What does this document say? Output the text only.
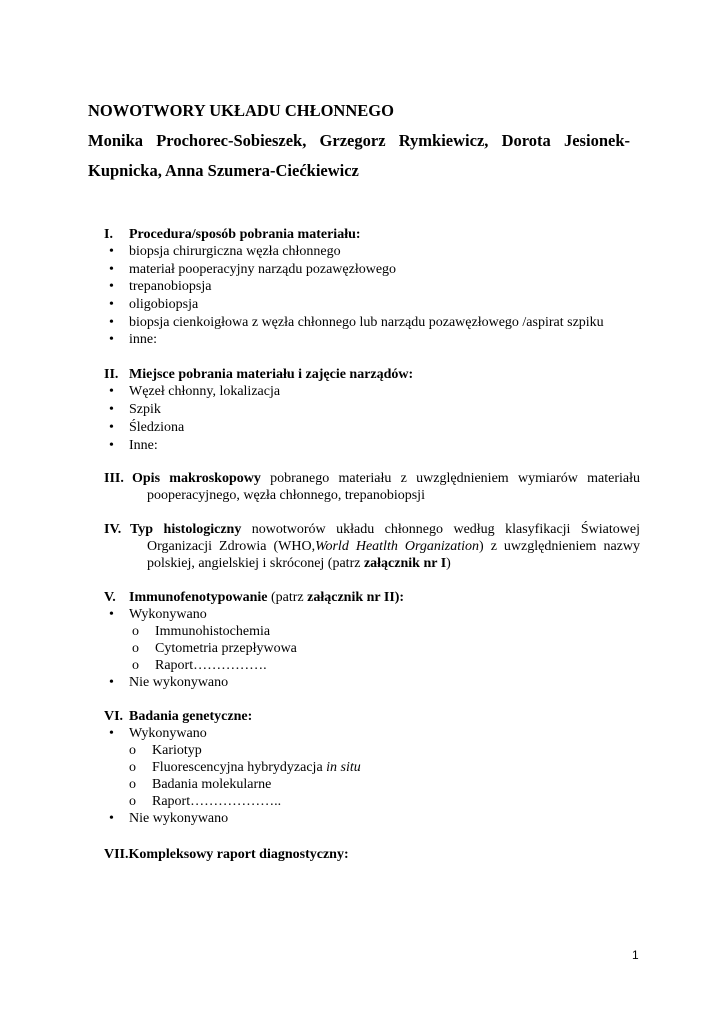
NOWOTWORY UKŁADU CHŁONNEGO
Monika Prochorec-Sobieszek, Grzegorz Rymkiewicz, Dorota Jesionek-
Kupnicka, Anna Szumera-Ciećkiewicz
I. Procedura/sposób pobrania materiału:
• biopsja chirurgiczna węzła chłonnego
• materiał pooperacyjny narządu pozawęzłowego
• trepanobiopsja
• oligobiopsja
• biopsja cienkoigłowa z węzła chłonnego lub narządu pozawęzłowego /aspirat szpiku
• inne:
II. Miejsce pobrania materiału i zajęcie narządów:
• Węzeł chłonny, lokalizacja
• Szpik
• Śledziona
• Inne:
III. Opis makroskopowy pobranego materiału z uwzględnieniem wymiarów materiału
pooperacyjnego, węzła chłonnego, trepanobiopsji
IV. Typ histologiczny nowotworów układu chłonnego według klasyfikacji Światowej
Organizacji Zdrowia (WHO,World Heatlth Organization) z uwzględnieniem nazwy
polskiej, angielskiej i skróconej (patrz załącznik nr I)
V. Immunofenotypowanie (patrz załącznik nr II):
• Wykonywano
o Immunohistochemia
o Cytometria przepływowa
o Raport…………….
• Nie wykonywano
VI. Badania genetyczne:
• Wykonywano
o Kariotyp
o Fluorescencyjna hybrydyzacja in situ
o Badania molekularne
o Raport………………..
• Nie wykonywano
VII.Kompleksowy raport diagnostyczny:
1
